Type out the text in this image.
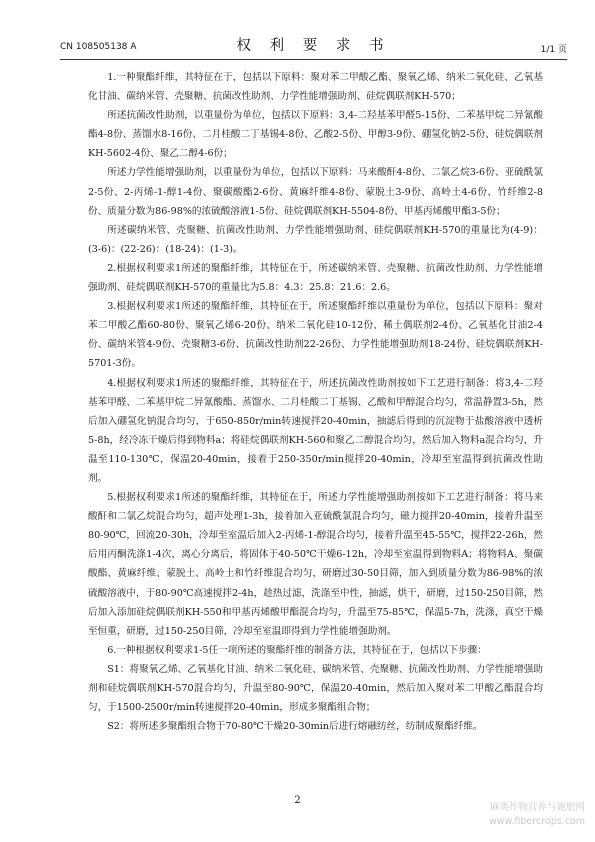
CN 108505138 A	权 利 要 求 书	1/1 页

1.一种聚酯纤维，其特征在于，包括以下原料：聚对苯二甲酸乙酯、聚氧乙烯、纳米二氧化硅、乙氧基化甘油、碳纳米管、壳聚糖、抗菌改性助剂、力学性能增强助剂、硅烷偶联剂KH-570；

所述抗菌改性助剂，以重量份为单位，包括以下原料：3,4-二羟基苯甲醛5-15份、二苯基甲烷二异氰酸酯4-8份、蒸馏水8-16份、二月桂酸二丁基锡4-8份、乙酸2-5份、甲醇3-9份、硼氢化钠2-5份、硅烷偶联剂KH-5602-4份、聚乙二醇4-6份；

所述力学性能增强助剂，以重量份为单位，包括以下原料：马来酸酐4-8份、二氯乙烷3-6份、亚硫酰氯2-5份、2-丙烯-1-醇1-4份、聚碳酸酯2-6份、黄麻纤维4-8份、蒙脱土3-9份、高岭土4-6份、竹纤维2-8份、质量分数为86-98%的浓硫酸溶液1-5份、硅烷偶联剂KH-5504-8份、甲基丙烯酸甲酯3-5份；

所述碳纳米管、壳聚糖、抗菌改性助剂、力学性能增强助剂、硅烷偶联剂KH-570的重量比为(4-9)：(3-6)：(22-26)：(18-24)：(1-3)。

2.根据权利要求1所述的聚酯纤维，其特征在于，所述碳纳米管、壳聚糖、抗菌改性助剂、力学性能增强助剂、硅烷偶联剂KH-570的重量比为5.8：4.3：25.8：21.6：2.6。

3.根据权利要求1所述的聚酯纤维，其特征在于，所述聚酯纤维以重量份为单位，包括以下原料：聚对苯二甲酸乙酯60-80份、聚氧乙烯6-20份、纳米二氧化硅10-12份、稀土偶联剂2-4份、乙氧基化甘油2-4份、碳纳米管4-9份、壳聚糖3-6份、抗菌改性助剂22-26份、力学性能增强助剂18-24份、硅烷偶联剂KH-5701-3份。

4.根据权利要求1所述的聚酯纤维，其特征在于，所述抗菌改性助剂按如下工艺进行制备：将3,4-二羟基苯甲醛、二苯基甲烷二异氰酸酯、蒸馏水、二月桂酸二丁基锡、乙酸和甲醇混合均匀，常温静置3-5h，然后加入硼氢化钠混合均匀，于650-850r/min转速搅拌20-40min，抽滤后得到的沉淀物于盐酸溶液中透析5-8h，经冷冻干燥后得到物料a；将硅烷偶联剂KH-560和聚乙二醇混合均匀，然后加入物料a混合均匀，升温至110-130℃，保温20-40min，接着于250-350r/min搅拌20-40min，冷却至室温得到抗菌改性助剂。

5.根据权利要求1所述的聚酯纤维，其特征在于，所述力学性能增强助剂按如下工艺进行制备：将马来酸酐和二氯乙烷混合均匀，超声处理1-3h，接着加入亚硫酰氯混合均匀，磁力搅拌20-40min，接着升温至80-90℃，回流20-30h，冷却至室温后加入2-丙烯-1-醇混合均匀，接着升温至45-55℃，搅拌22-26h，然后用丙酮洗涤1-4次，离心分离后，将固体于40-50℃干燥6-12h，冷却至室温得到物料A；将物料A、聚碳酸酯、黄麻纤维、蒙脱土、高岭土和竹纤维混合均匀，研磨过30-50目筛，加入到质量分数为86-98%的浓硫酸溶液中，于80-90℃高速搅拌2-4h，趁热过滤，洗涤至中性，抽滤，烘干，研磨，过150-250目筛，然后加入添加硅烷偶联剂KH-550和甲基丙烯酸甲酯混合均匀，升温至75-85℃，保温5-7h，洗涤，真空干燥至恒重，研磨，过150-250目筛，冷却至室温即得到力学性能增强助剂。

6.一种根据权利要求1-5任一项所述的聚酯纤维的制备方法，其特征在于，包括以下步骤：

S1：将聚氧乙烯、乙氧基化甘油、纳米二氧化硅、碳纳米管、壳聚糖、抗菌改性助剂、力学性能增强助剂和硅烷偶联剂KH-570混合均匀，升温至80-90℃，保温20-40min，然后加入聚对苯二甲酸乙酯混合均匀，于1500-2500r/min转速搅拌20-40min，形成多聚酯组合物；

S2：将所述多聚酯组合物于70-80℃干燥20-30min后进行熔融纺丝，纺制成聚酯纤维。

2
麻类作物营养与施肥网
www.fibercrops.com
